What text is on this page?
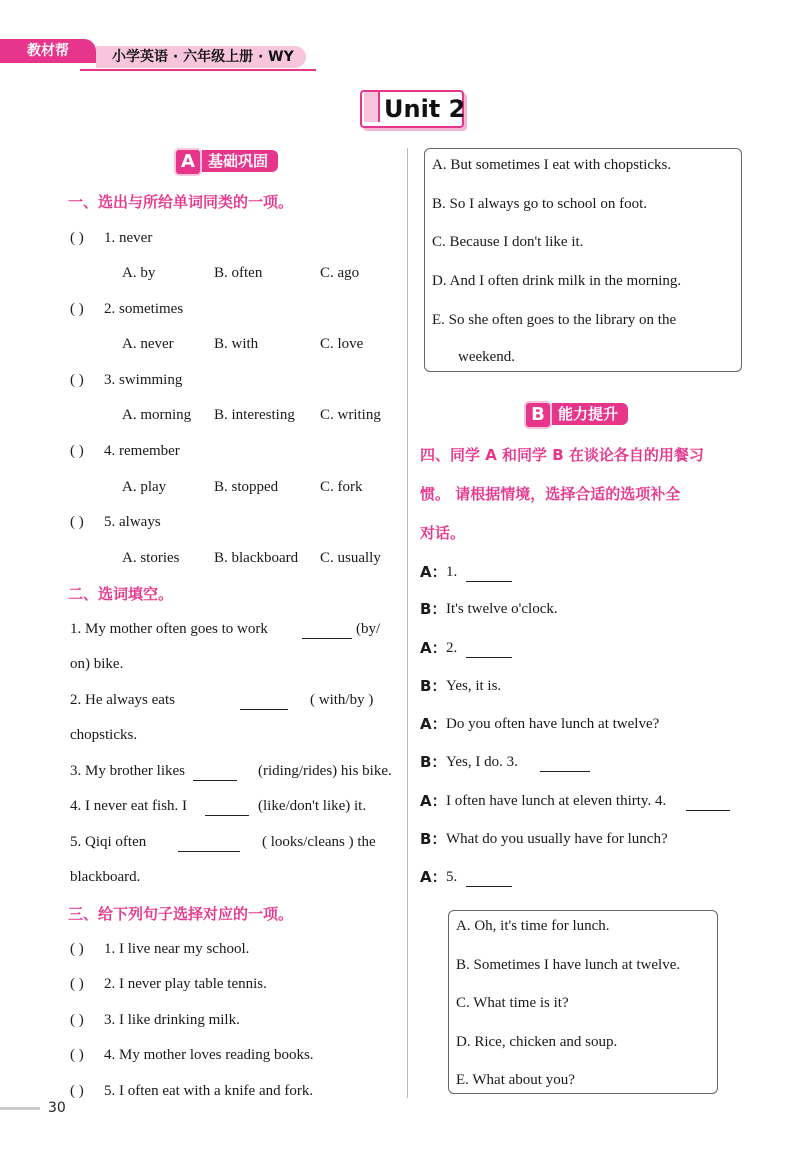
教材帮	小学英语 · 六年级上册 · WY
Unit 2
A 基础巩固
一、选出与所给单词同类的一项。
二、选词填空。
三、给下列句子选择对应的一项。
B 能力提升
四、同学 A 和同学 B 在谈论各自的用餐习
惯。 请根据情境，选择合适的选项补全
对话。
30
( ) 1. never
A. by	B. often	C. ago
( ) 2. sometimes
A. never	B. with	C. love
( ) 3. swimming
A. morning B. interesting C. writing
( ) 4. remember
A. play	B. stopped	C. fork
( ) 5. always
A. stories B. blackboard C. usually
1. My mother often goes to work	(by/
on) bike.
2. He always eats	( with/by )
chopsticks.
3. My brother likes	(riding/rides) his bike.
4. I never eat fish. I	(like/don't like) it.
5. Qiqi often	( looks/cleans ) the
blackboard.
( ) 1. I live near my school.
( ) 2. I never play table tennis.
( ) 3. I like drinking milk.
( ) 4. My mother loves reading books.
( ) 5. I often eat with a knife and fork.
A. But sometimes I eat with chopsticks.
B. So I always go to school on foot.
C. Because I don't like it.
D. And I often drink milk in the morning.
E. So she often goes to the library on the
weekend.
A： 1.
B： It's twelve o'clock.
A： 2.
B： Yes, it is.
A： Do you often have lunch at twelve?
B： Yes, I do. 3.
A： I often have lunch at eleven thirty. 4.
B： What do you usually have for lunch?
A： 5.
A. Oh, it's time for lunch.
B. Sometimes I have lunch at twelve.
C. What time is it?
D. Rice, chicken and soup.
E. What about you?
